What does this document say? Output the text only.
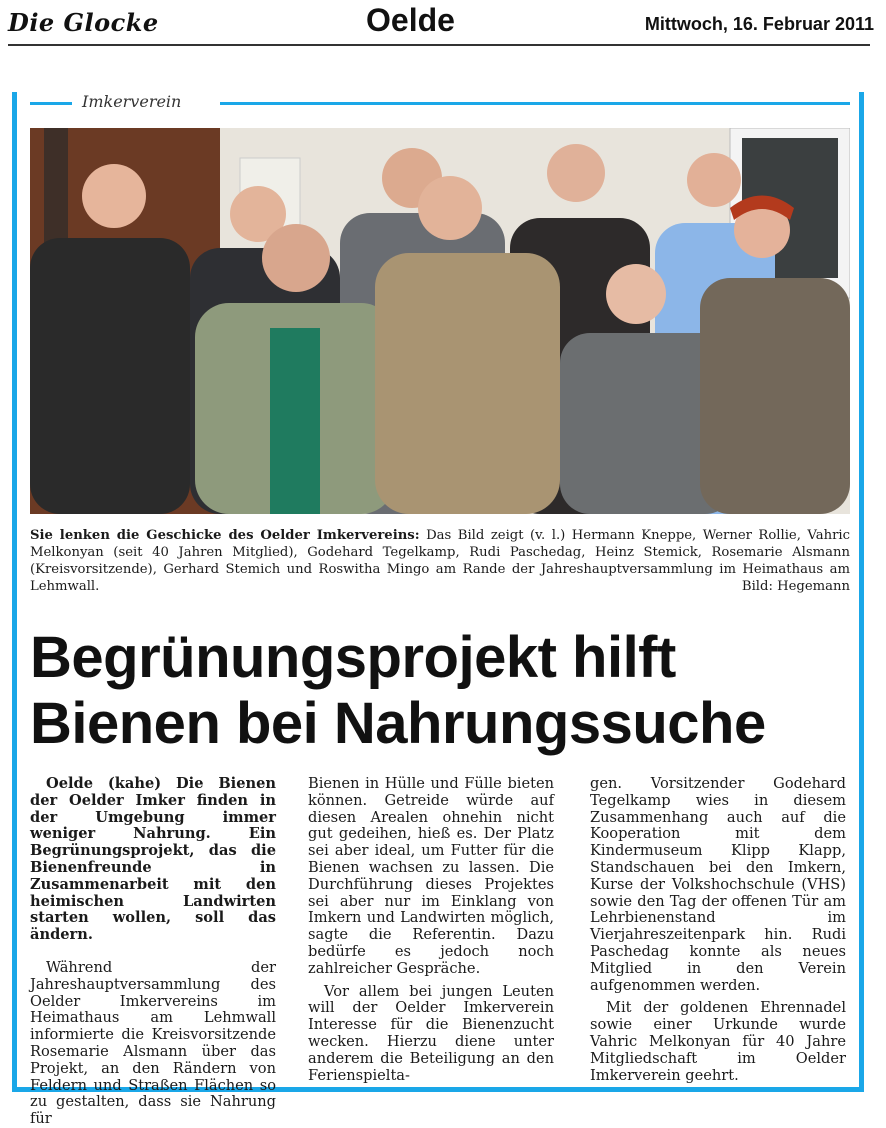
Die Glocke	Oelde	Mittwoch, 16. Februar 2011
Imkerverein
Sie lenken die Geschicke des Oelder Imkervereins: Das Bild zeigt (v. l.) Hermann Kneppe, Werner Rollie, Vahric Melkonyan (seit 40 Jahren Mitglied), Godehard Tegelkamp, Rudi Paschedag, Heinz Stemick, Rosemarie Alsmann (Kreisvorsitzende), Gerhard Stemich und Roswitha Mingo am Rande der Jahreshauptversammlung im Heimathaus am Lehmwall.	Bild: Hegemann
Begrünungsprojekt hilft
Bienen bei Nahrungssuche

Oelde (kahe) Die Bienen der Oelder Imker finden in der Umgebung immer weniger Nahrung. Ein Begrünungsprojekt, das die Bienenfreunde in Zusammenarbeit mit den heimischen Landwirten starten wollen, soll das ändern.

Während der Jahreshauptversammlung des Oelder Imkervereins im Heimathaus am Lehmwall informierte die Kreisvorsitzende Rosemarie Alsmann über das Projekt, an den Rändern von Feldern und Straßen Flächen so zu gestalten, dass sie Nahrung für

Bienen in Hülle und Fülle bieten können. Getreide würde auf diesen Arealen ohnehin nicht gut gedeihen, hieß es. Der Platz sei aber ideal, um Futter für die Bienen wachsen zu lassen. Die Durchführung dieses Projektes sei aber nur im Einklang von Imkern und Landwirten möglich, sagte die Referentin. Dazu bedürfe es jedoch noch zahlreicher Gespräche.

Vor allem bei jungen Leuten will der Oelder Imkerverein Interesse für die Bienenzucht wecken. Hierzu diene unter anderem die Beteiligung an den Ferienspielta-

gen. Vorsitzender Godehard Tegelkamp wies in diesem Zusammenhang auch auf die Kooperation mit dem Kindermuseum Klipp Klapp, Standschauen bei den Imkern, Kurse der Volkshochschule (VHS) sowie den Tag der offenen Tür am Lehrbienenstand im Vierjahreszeitenpark hin. Rudi Paschedag konnte als neues Mitglied in den Verein aufgenommen werden.

Mit der goldenen Ehrennadel sowie einer Urkunde wurde Vahric Melkonyan für 40 Jahre Mitgliedschaft im Oelder Imkerverein geehrt.
